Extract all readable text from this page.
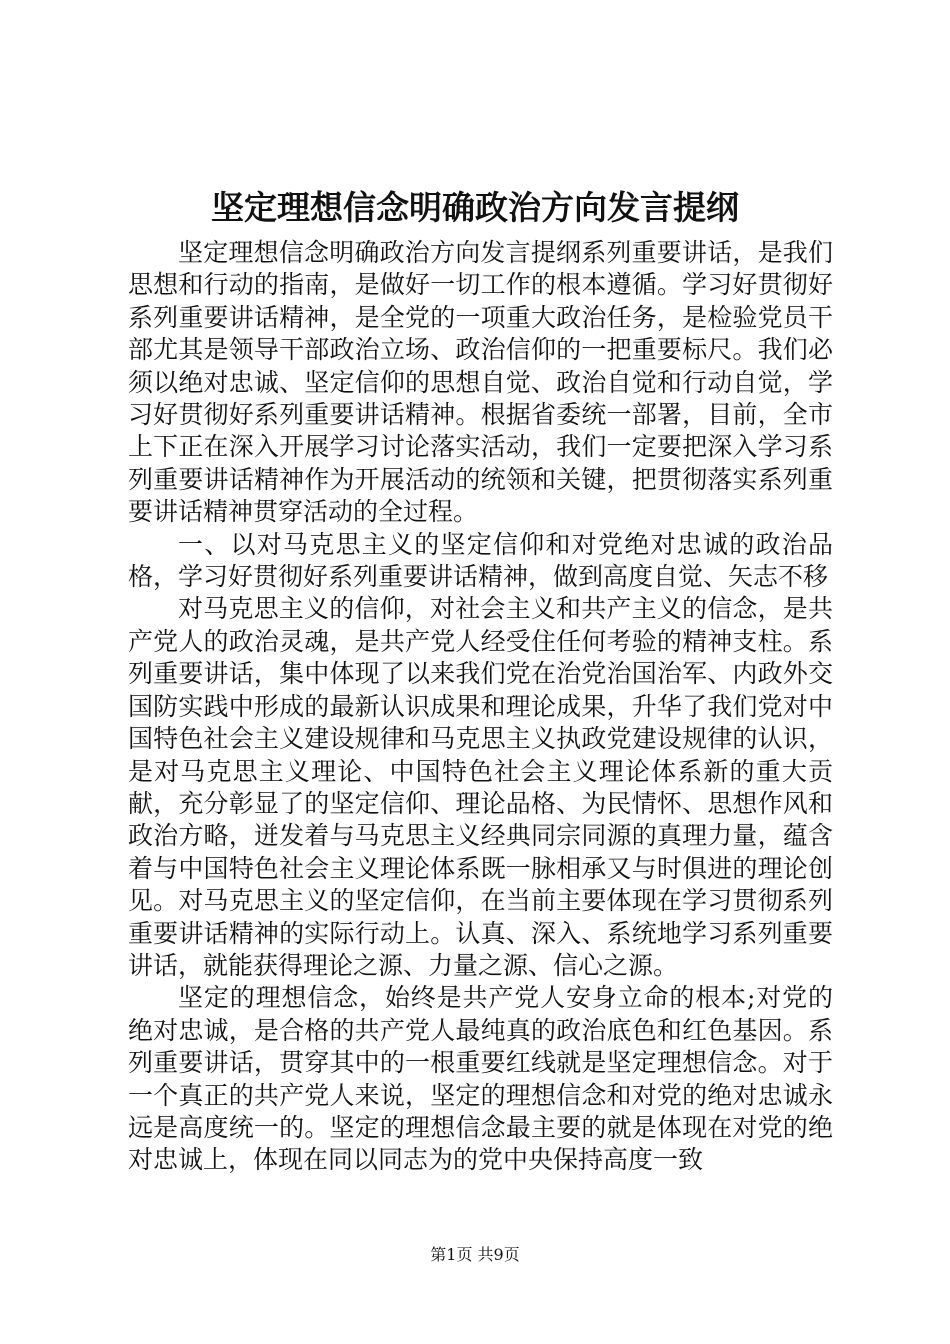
坚定理想信念明确政治方向发言提纲

坚定理想信念明确政治方向发言提纲系列重要讲话，是我们思想和行动的指南，是做好一切工作的根本遵循。学习好贯彻好系列重要讲话精神，是全党的一项重大政治任务，是检验党员干部尤其是领导干部政治立场、政治信仰的一把重要标尺。我们必须以绝对忠诚、坚定信仰的思想自觉、政治自觉和行动自觉，学习好贯彻好系列重要讲话精神。根据省委统一部署，目前，全市上下正在深入开展学习讨论落实活动，我们一定要把深入学习系列重要讲话精神作为开展活动的统领和关键，把贯彻落实系列重要讲话精神贯穿活动的全过程。

一、以对马克思主义的坚定信仰和对党绝对忠诚的政治品格，学习好贯彻好系列重要讲话精神，做到高度自觉、矢志不移

对马克思主义的信仰，对社会主义和共产主义的信念，是共产党人的政治灵魂，是共产党人经受住任何考验的精神支柱。系列重要讲话，集中体现了以来我们党在治党治国治军、内政外交国防实践中形成的最新认识成果和理论成果，升华了我们党对中国特色社会主义建设规律和马克思主义执政党建设规律的认识，是对马克思主义理论、中国特色社会主义理论体系新的重大贡献，充分彰显了的坚定信仰、理论品格、为民情怀、思想作风和政治方略，迸发着与马克思主义经典同宗同源的真理力量，蕴含着与中国特色社会主义理论体系既一脉相承又与时俱进的理论创见。对马克思主义的坚定信仰，在当前主要体现在学习贯彻系列重要讲话精神的实际行动上。认真、深入、系统地学习系列重要讲话，就能获得理论之源、力量之源、信心之源。

坚定的理想信念，始终是共产党人安身立命的根本;对党的绝对忠诚，是合格的共产党人最纯真的政治底色和红色基因。系列重要讲话，贯穿其中的一根重要红线就是坚定理想信念。对于一个真正的共产党人来说，坚定的理想信念和对党的绝对忠诚永远是高度统一的。坚定的理想信念最主要的就是体现在对党的绝对忠诚上，体现在同以同志为的党中央保持高度一致

第1页 共9页
